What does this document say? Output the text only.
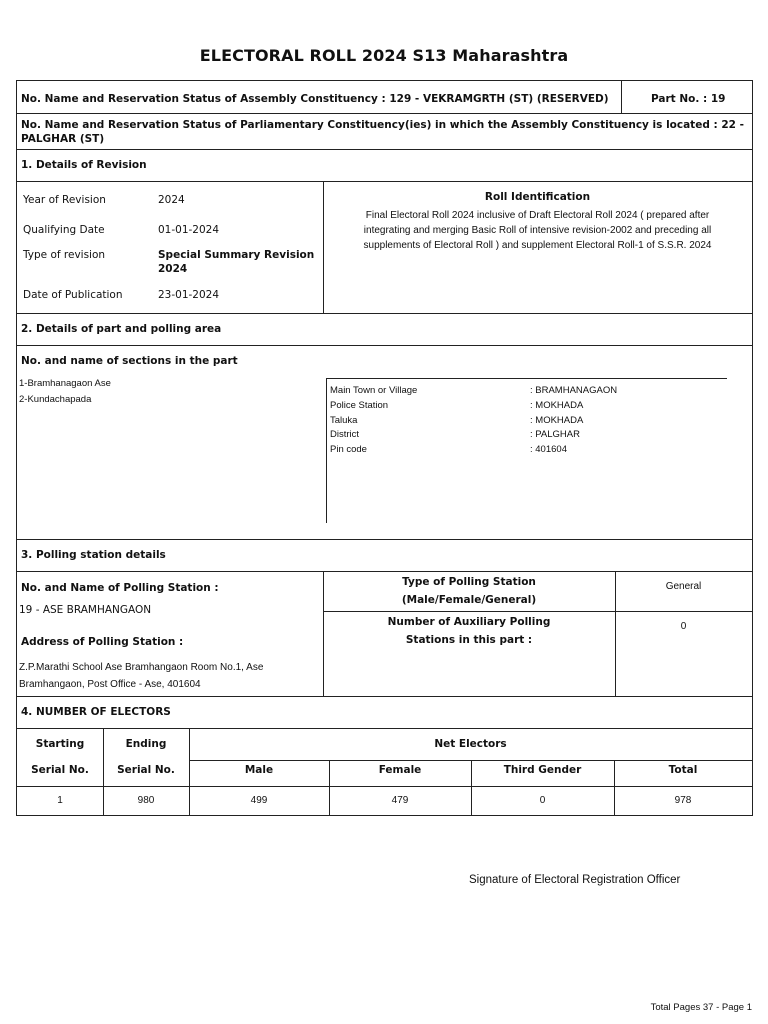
ELECTORAL ROLL 2024 S13 Maharashtra
No. Name and Reservation Status of Assembly Constituency : 129 - VEKRAMGRTH (ST) (RESERVED)	Part No. : 19
No. Name and Reservation Status of Parliamentary Constituency(ies) in which the Assembly Constituency is located : 22 -
PALGHAR (ST)
1. Details of Revision
Year of Revision	2024
Qualifying Date	01-01-2024
Type of revision	Special Summary Revision
2024
Date of Publication	23-01-2024
Roll Identification
Final Electoral Roll 2024 inclusive of Draft Electoral Roll 2024 ( prepared after
integrating and merging Basic Roll of intensive revision-2002 and preceding all
supplements of Electoral Roll ) and supplement Electoral Roll-1 of S.S.R. 2024
2. Details of part and polling area
No. and name of sections in the part
1-Bramhanagaon Ase
2-Kundachapada
Main Town or Village	: BRAMHANAGAON
Police Station	: MOKHADA
Taluka	: MOKHADA
District	: PALGHAR
Pin code	: 401604
3. Polling station details
No. and Name of Polling Station :
19 - ASE BRAMHANGAON
Address of Polling Station :
Z.P.Marathi School Ase Bramhangaon Room No.1, Ase
Bramhangaon, Post Office - Ase, 401604
Type of Polling Station
(Male/Female/General)
General
Number of Auxiliary Polling
Stations in this part :
0
4. NUMBER OF ELECTORS
Starting
Serial No.
Ending
Serial No.
Net Electors
Male	Female	Third Gender	Total
1	980	499	479	0	978
Signature of Electoral Registration Officer
Total Pages 37 - Page 1
